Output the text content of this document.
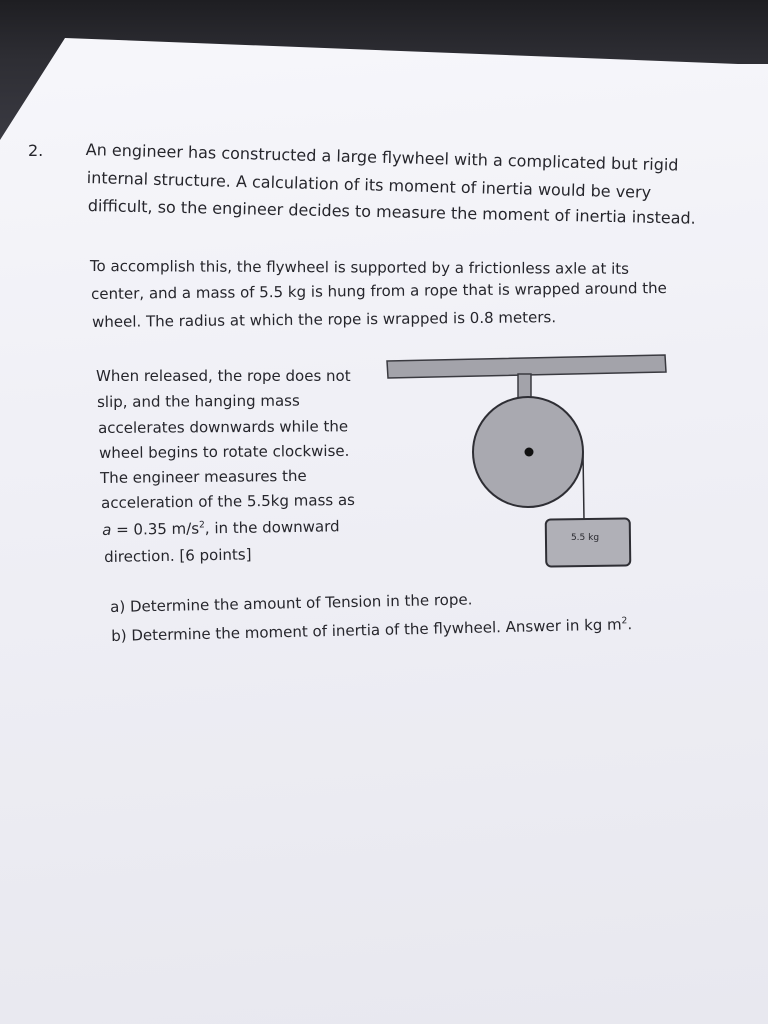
2.	An engineer has constructed a large flywheel with a complicated but rigid
internal structure. A calculation of its moment of inertia would be very
difficult, so the engineer decides to measure the moment of inertia instead.
To accomplish this, the flywheel is supported by a frictionless axle at its
center, and a mass of 5.5 kg is hung from a rope that is wrapped around the
wheel. The radius at which the rope is wrapped is 0.8 meters.
When released, the rope does not
slip, and the hanging mass
accelerates downwards while the
wheel begins to rotate clockwise.
The engineer measures the
acceleration of the 5.5kg mass as
a = 0.35 $m/s^2$, in the downward
direction. [6 points]
a) Determine the amount of Tension in the rope.
b) Determine the moment of inertia of the flywheel. Answer in kg $m^2$.
5.5 kg
